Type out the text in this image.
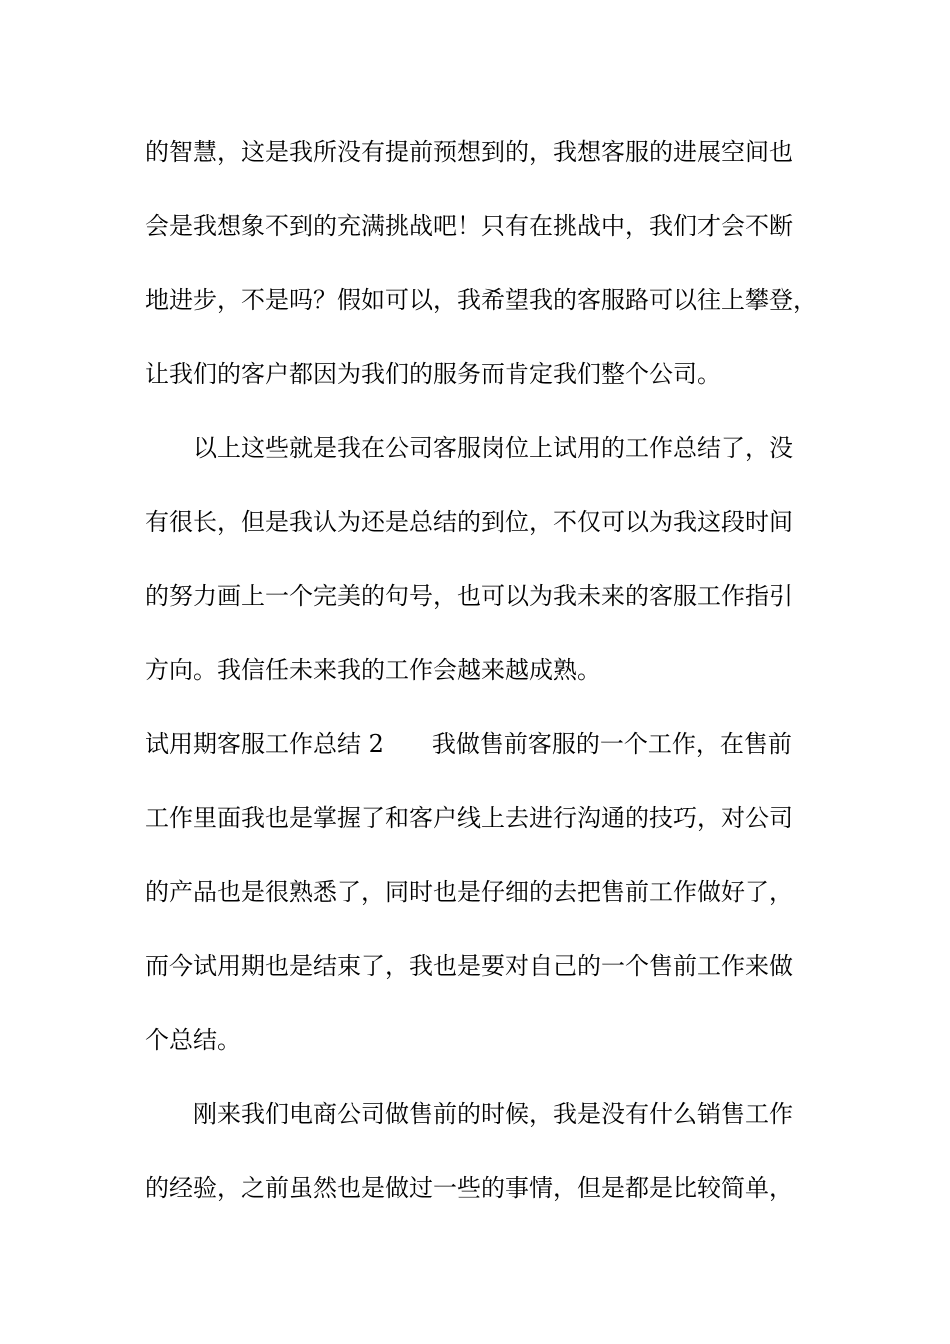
的智慧，这是我所没有提前预想到的，我想客服的进展空间也
会是我想象不到的充满挑战吧！只有在挑战中，我们才会不断
地进步，不是吗？假如可以，我希望我的客服路可以往上攀登，
让我们的客户都因为我们的服务而肯定我们整个公司。
以上这些就是我在公司客服岗位上试用的工作总结了，没
有很长，但是我认为还是总结的到位，不仅可以为我这段时间
的努力画上一个完美的句号，也可以为我未来的客服工作指引
方向。我信任未来我的工作会越来越成熟。
试用期客服工作总结 2 我做售前客服的一个工作，在售前
工作里面我也是掌握了和客户线上去进行沟通的技巧，对公司
的产品也是很熟悉了，同时也是仔细的去把售前工作做好了，
而今试用期也是结束了，我也是要对自己的一个售前工作来做
个总结。
刚来我们电商公司做售前的时候，我是没有什么销售工作
的经验，之前虽然也是做过一些的事情，但是都是比较简单，
